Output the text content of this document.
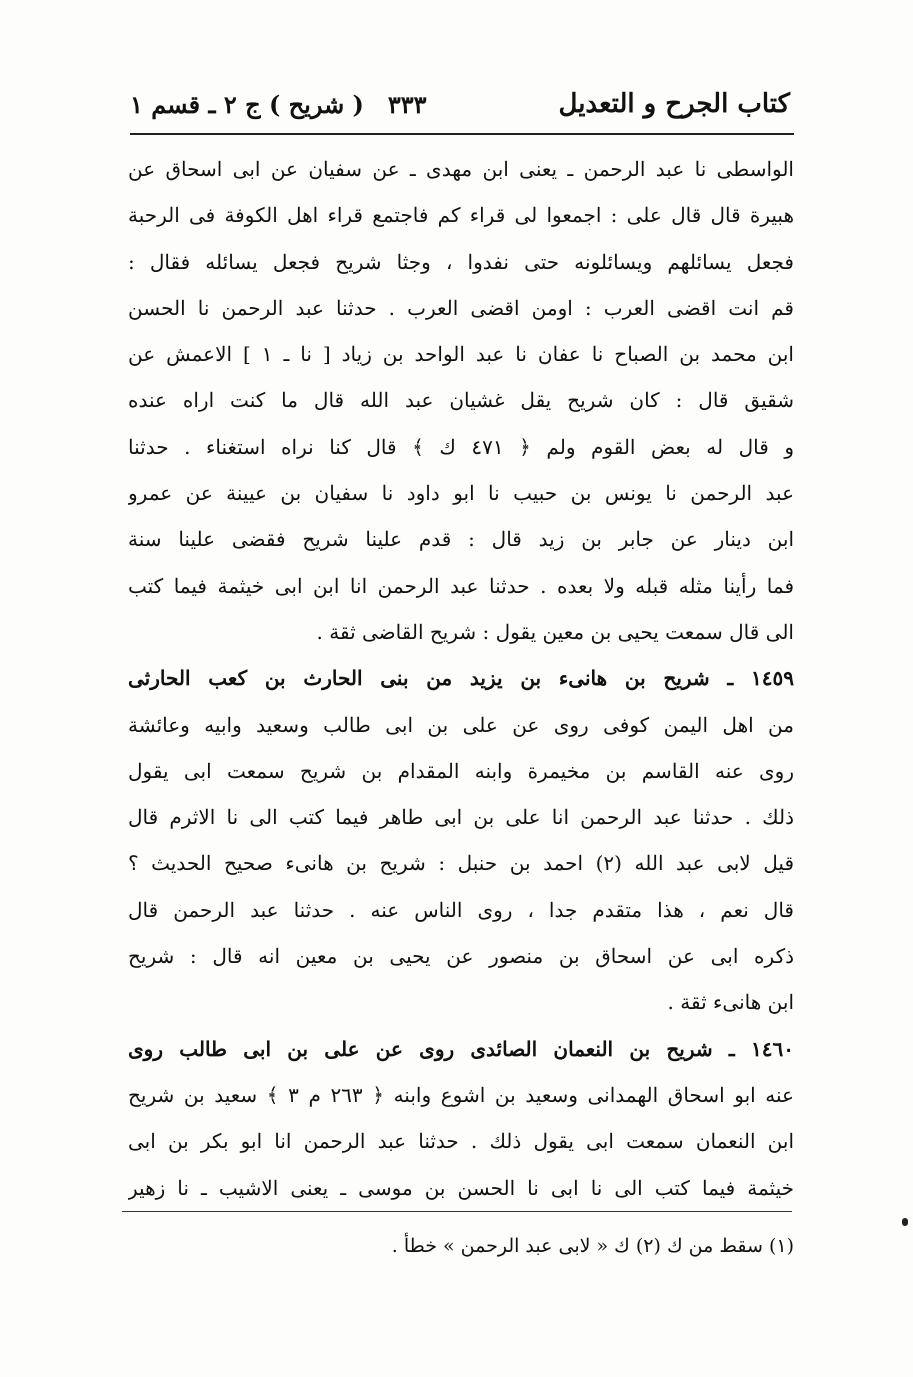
كتاب الجرح و التعديل
٣٣٣
( شريح ) ج ٢ ـ قسم ١
الواسطى نا عبد الرحمن ـ يعنى ابن مهدى ـ عن سفيان عن ابى اسحاق عن
هبيرة قال قال على : اجمعوا لى قراء كم فاجتمع قراء اهل الكوفة فى الرحبة
فجعل يسائلهم ويسائلونه حتى نفدوا ، وجثا شريح فجعل يسائله فقال :
قم انت اقضى العرب : اومن اقضى العرب . حدثنا عبد الرحمن نا الحسن
ابن محمد بن الصباح نا عفان نا عبد الواحد بن زياد [ نا ـ ١ ] الاعمش عن
شقيق قال : كان شريح يقل غشيان عبد الله قال ما كنت اراه عنده
و قال له بعض القوم ولم ﴿ ٤٧١ ك ﴾ قال كنا نراه استغناء . حدثنا
عبد الرحمن نا يونس بن حبيب نا ابو داود نا سفيان بن عيينة عن عمرو
ابن دينار عن جابر بن زيد قال : قدم علينا شريح فقضى علينا سنة
فما رأينا مثله قبله ولا بعده . حدثنا عبد الرحمن انا ابن ابى خيثمة فيما كتب
الى قال سمعت يحيى بن معين يقول : شريح القاضى ثقة .
١٤٥٩ ـ شريح بن هانىء بن يزيد من بنى الحارث بن كعب الحارثى
من اهل اليمن كوفى روى عن على بن ابى طالب وسعيد وابيه وعائشة
روى عنه القاسم بن مخيمرة وابنه المقدام بن شريح سمعت ابى يقول
ذلك . حدثنا عبد الرحمن انا على بن ابى طاهر فيما كتب الى نا الاثرم قال
قيل لابى عبد الله (٢) احمد بن حنبل : شريح بن هانىء صحيح الحديث ؟
قال نعم ، هذا متقدم جدا ، روى الناس عنه . حدثنا عبد الرحمن قال
ذكره ابى عن اسحاق بن منصور عن يحيى بن معين انه قال : شريح
ابن هانىء ثقة .
١٤٦٠ ـ شريح بن النعمان الصائدى روى عن على بن ابى طالب روى
عنه ابو اسحاق الهمدانى وسعيد بن اشوع وابنه ﴿ ٢٦٣ م ٣ ﴾ سعيد بن شريح
ابن النعمان سمعت ابى يقول ذلك . حدثنا عبد الرحمن انا ابو بكر بن ابى
خيثمة فيما كتب الى نا ابى نا الحسن بن موسى ـ يعنى الاشيب ـ نا زهير
(١) سقط من ك (٢) ك « لابى عبد الرحمن » خطأ .
